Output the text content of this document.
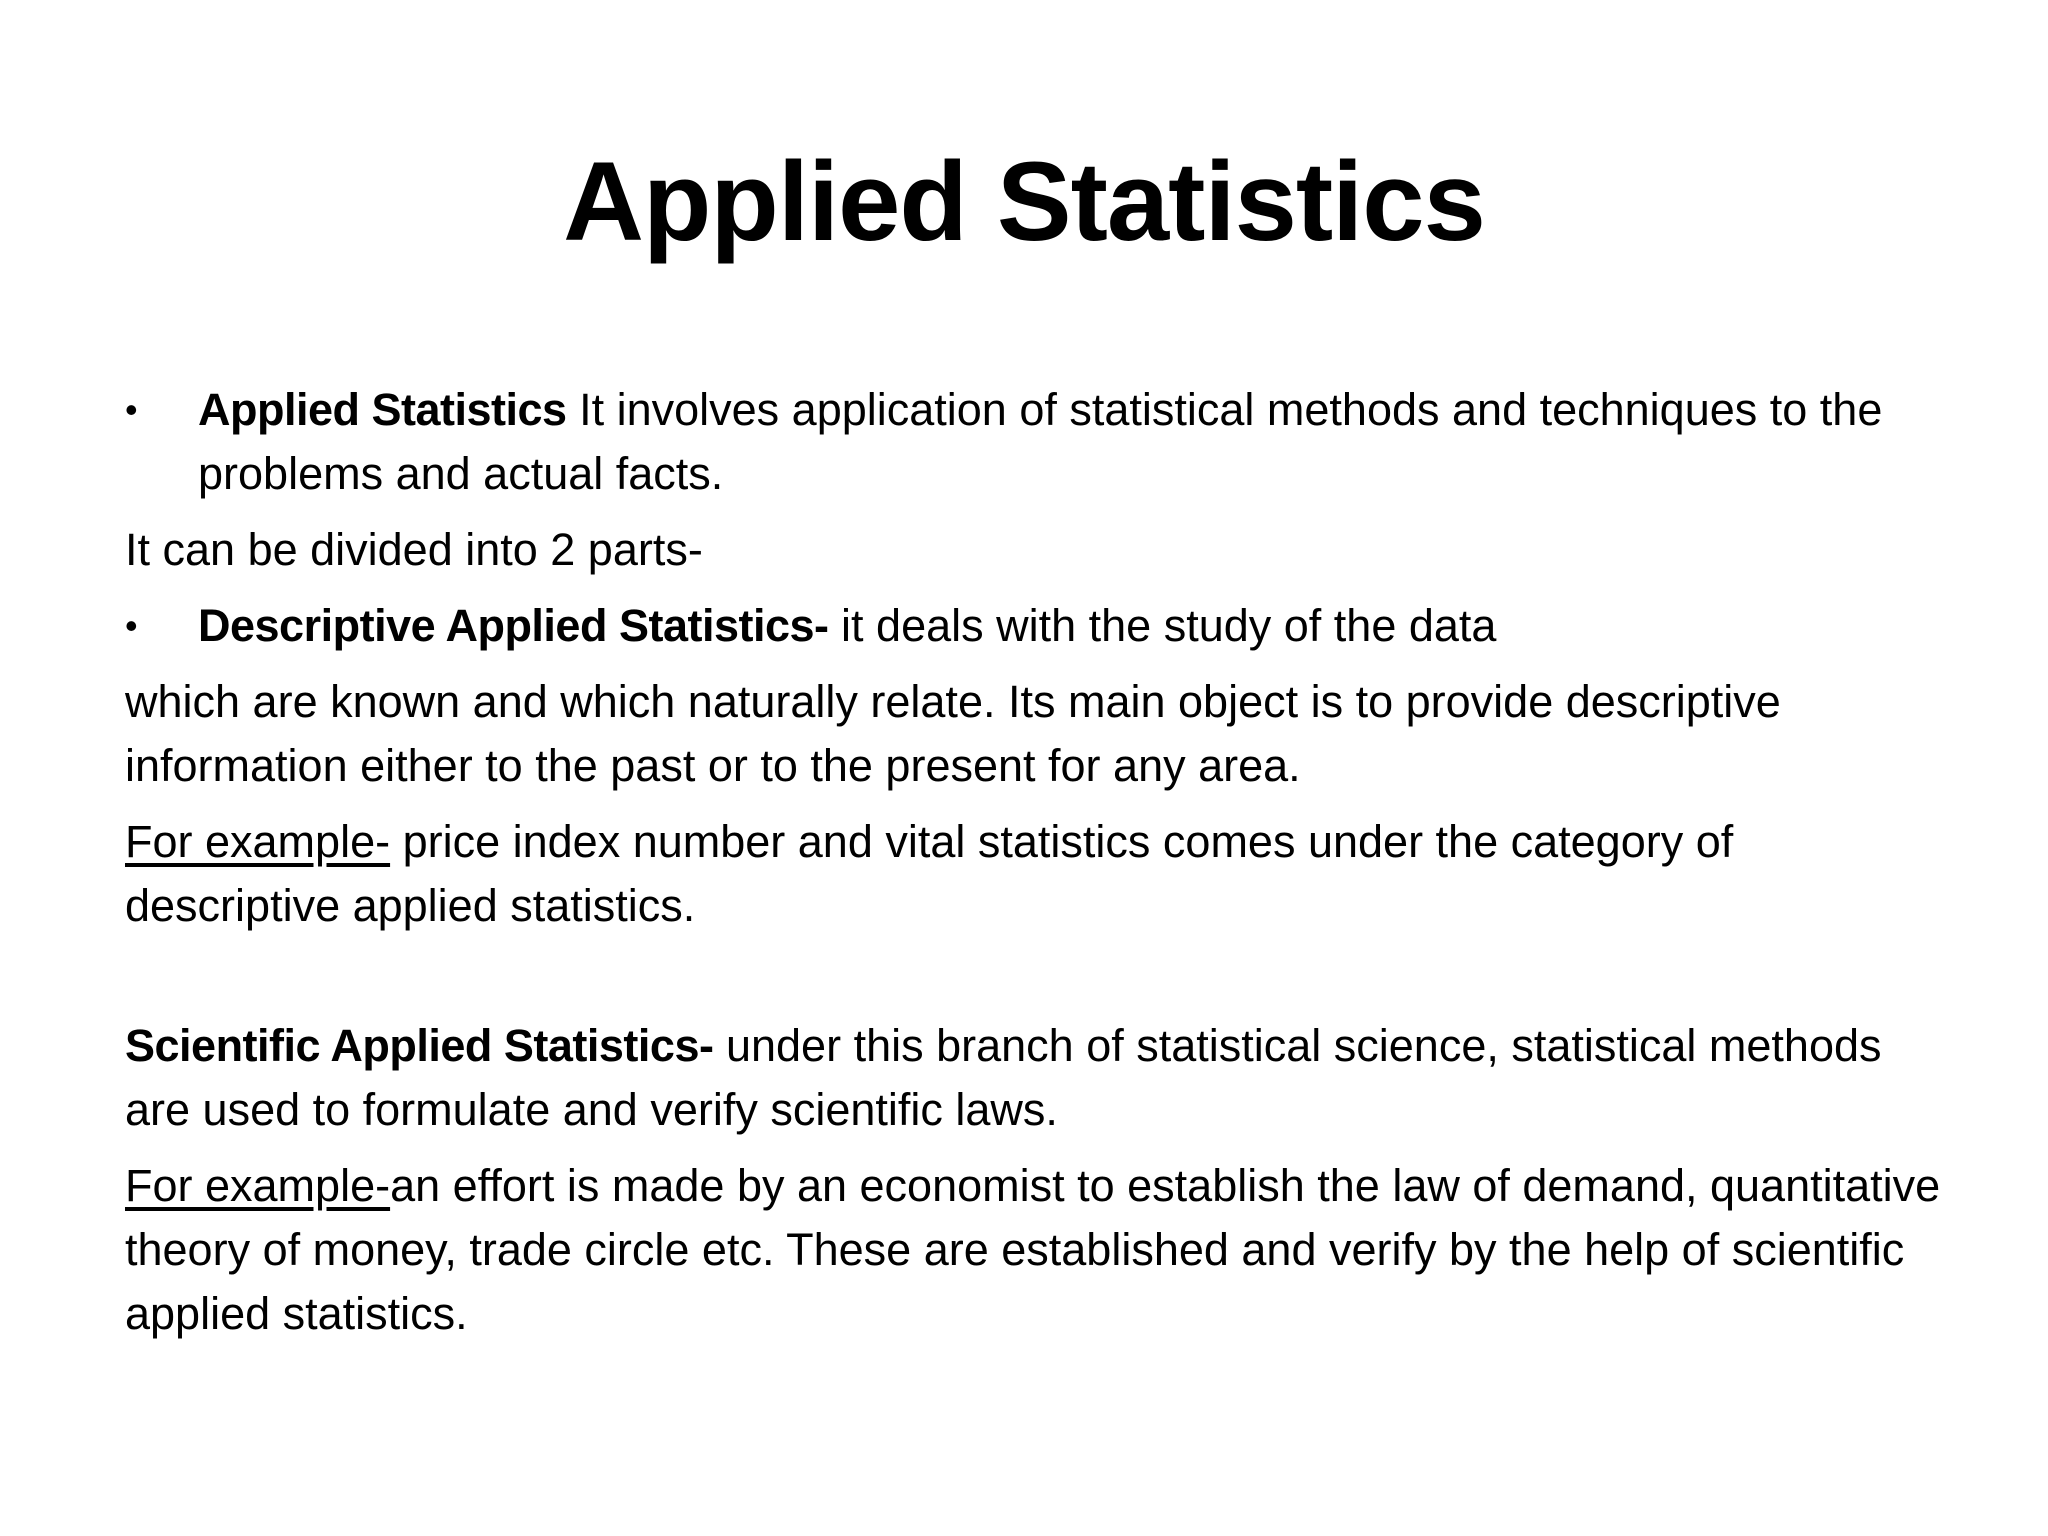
Applied Statistics
•	Applied Statistics It involves application of statistical methods and techniques to the problems and actual facts.
It can be divided into 2 parts-
•	Descriptive Applied Statistics- it deals with the study of the data
which are known and which naturally relate. Its main object is to provide descriptive information either to the past or to the present for any area.
For example- price index number and vital statistics comes under the category of descriptive applied statistics.
Scientific Applied Statistics- under this branch of statistical science, statistical methods are used to formulate and verify scientific laws.
For example-an effort is made by an economist to establish the law of demand, quantitative theory of money, trade circle etc. These are established and verify by the help of scientific applied statistics.
